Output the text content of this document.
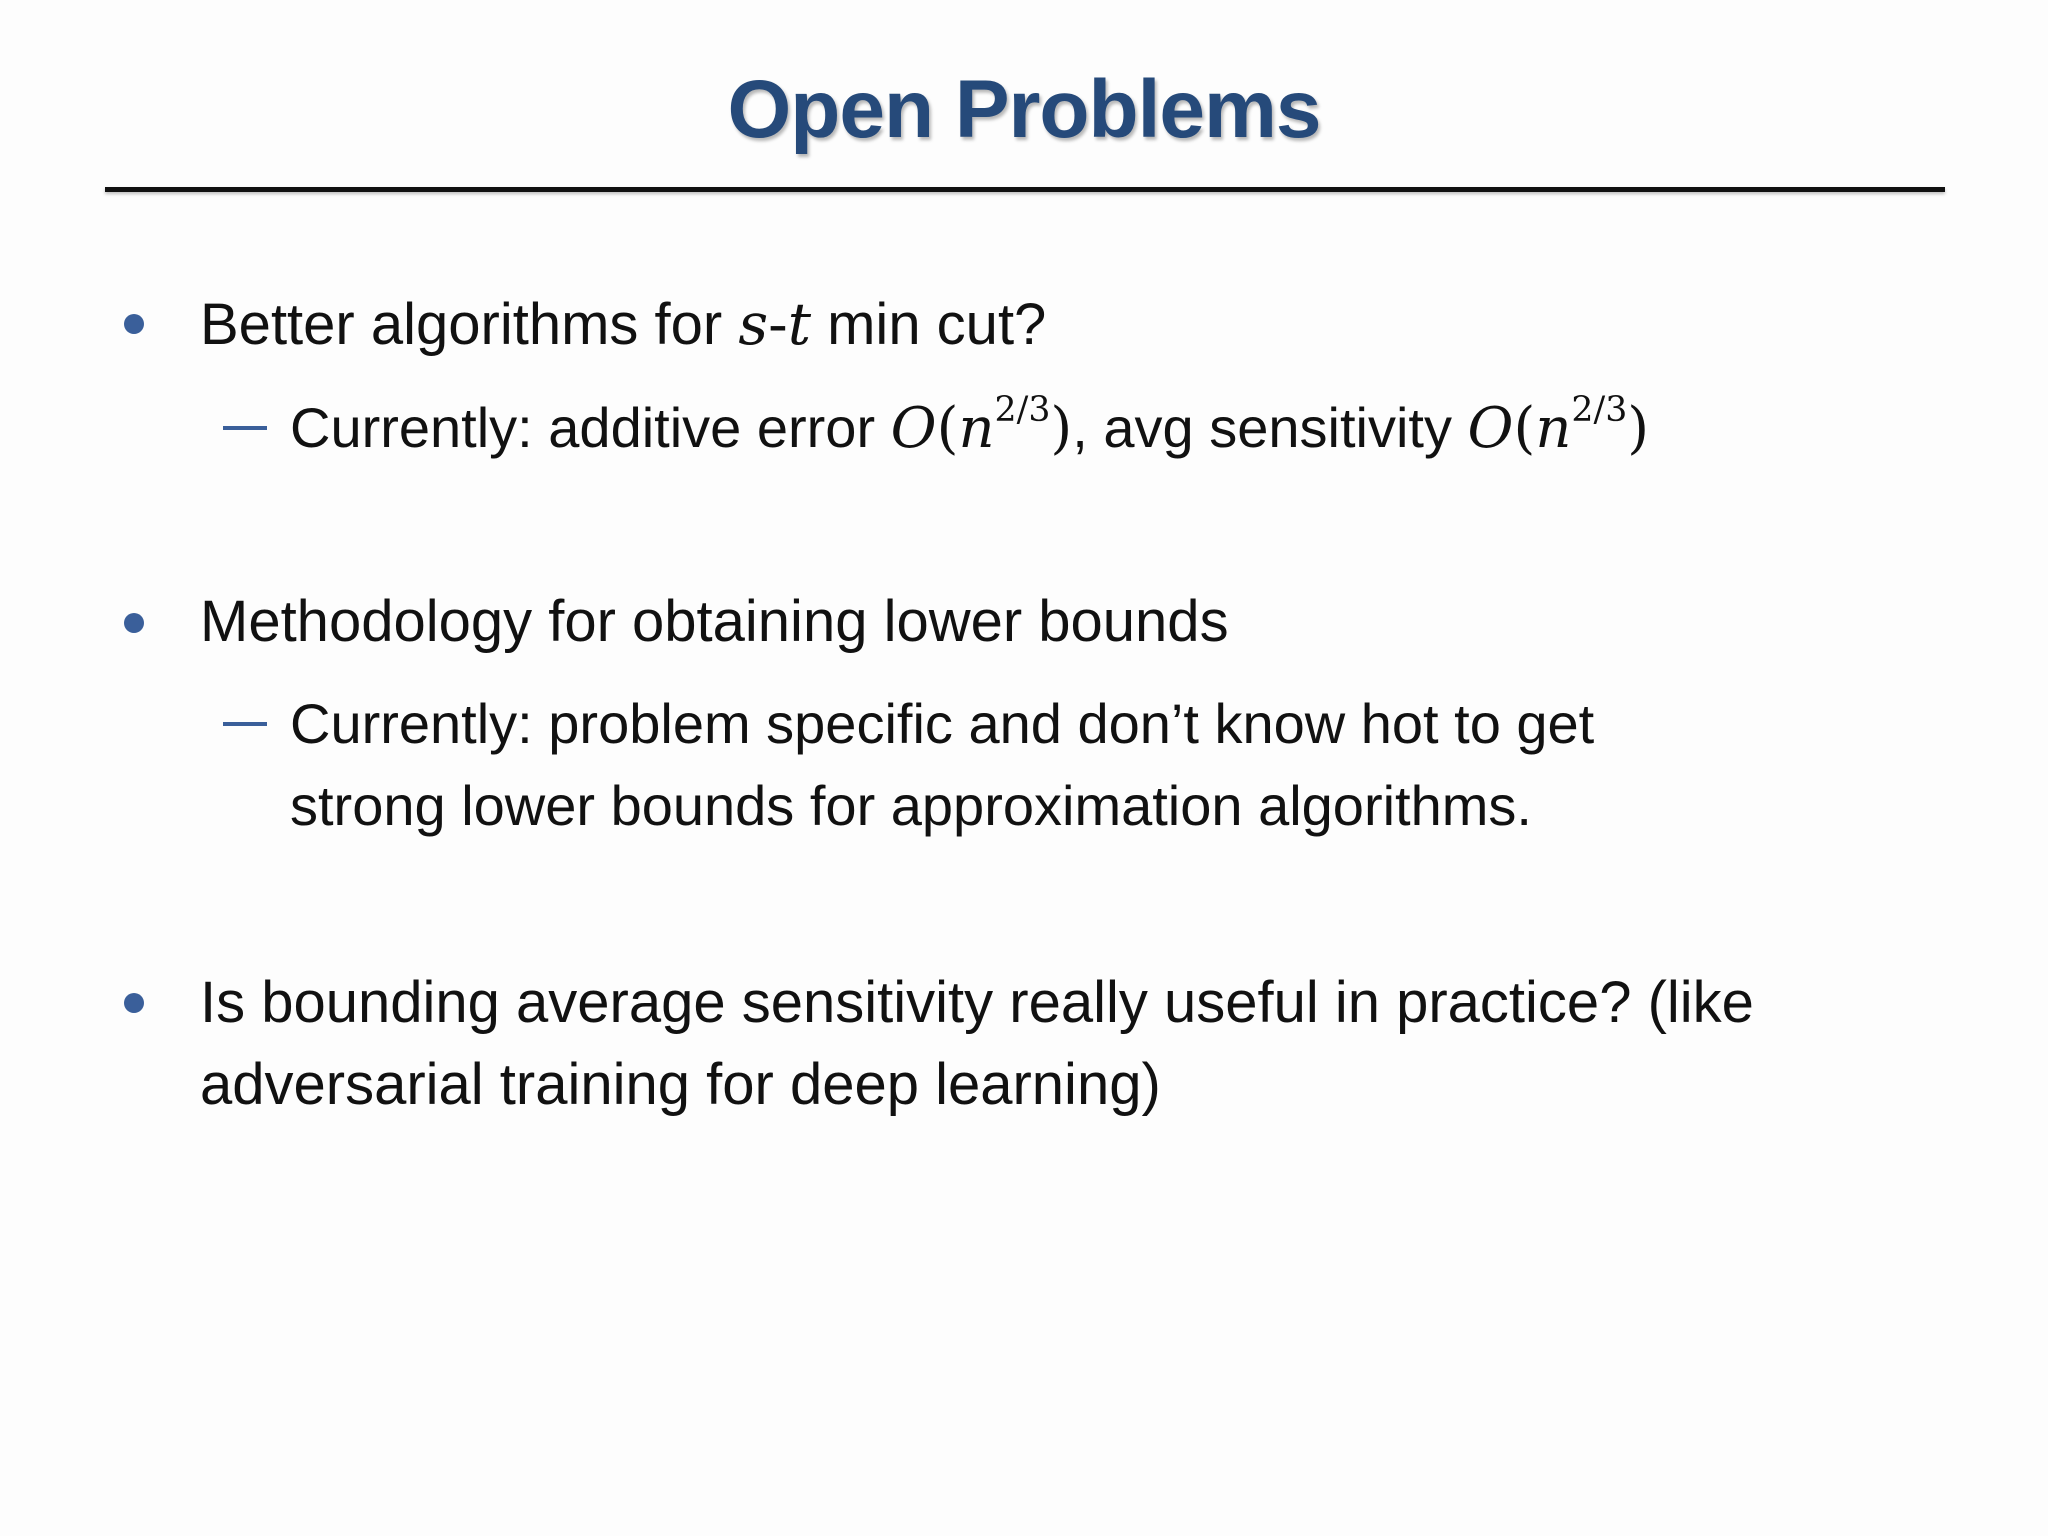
Open Problems
Better algorithms for s-t min cut?
Currently: additive error $O(n^{2/3})$, avg sensitivity $O(n^{2/3})$
Methodology for obtaining lower bounds
Currently: problem specific and don’t know hot to get
strong lower bounds for approximation algorithms.
Is bounding average sensitivity really useful in practice? (like
adversarial training for deep learning)
